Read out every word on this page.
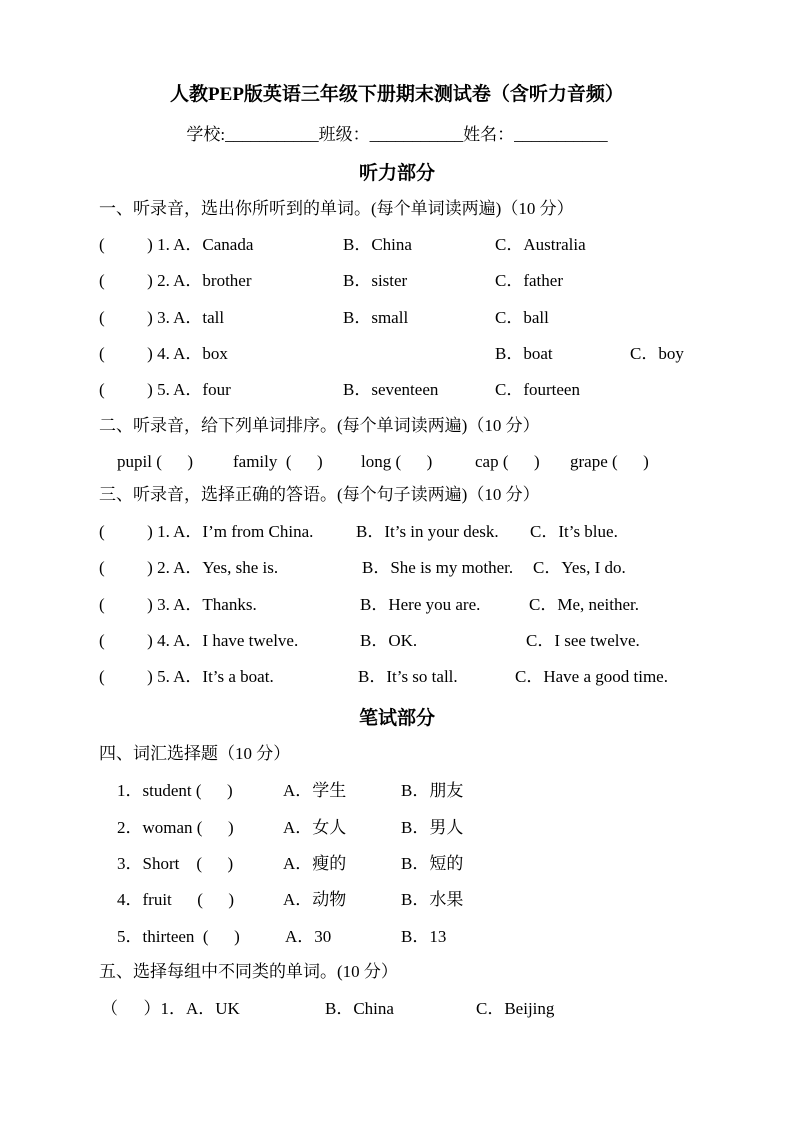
人教PEP版英语三年级下册期末测试卷（含听力音频）
学校:___________班级：___________姓名：___________
听力部分
一、听录音，选出你所听到的单词。(每个单词读两遍)（10 分）
(          ) 1. A．Canada	B．China	C．Australia
(          ) 2. A．brother	B．sister	C．father
(          ) 3. A．tall	B．small	C．ball
(          ) 4. A．box	B．boat	C．boy
(          ) 5. A．four	B．seventeen	C．fourteen
二、听录音，给下列单词排序。(每个单词读两遍)（10 分）
pupil (      ) family  (      ) long (      )	cap (      ) grape (      )
三、听录音，选择正确的答语。(每个句子读两遍)（10 分）
(          ) 1. A．I’m from China.	B．It’s in your desk. C．It’s blue.
(          ) 2. A．Yes, she is.	B．She is my mother. C．Yes, I do.
(          ) 3. A．Thanks.	B．Here you are.	C．Me, neither.
(          ) 4. A．I have twelve.	B．OK.	C．I see twelve.
(          ) 5. A．It’s a boat.	B．It’s so tall.	C．Have a good time.
笔试部分
四、词汇选择题（10 分）
1．student (      )	A．学生	B．朋友
2．woman (      )	A．女人	B．男人
3．Short    (      )	A．瘦的	B．短的
4．fruit      (      )	A．动物	B．水果
5．thirteen  (      )	A．30	B．13
五、选择每组中不同类的单词。(10 分）
（      ）1．A．UK	B．China	C．Beijing
